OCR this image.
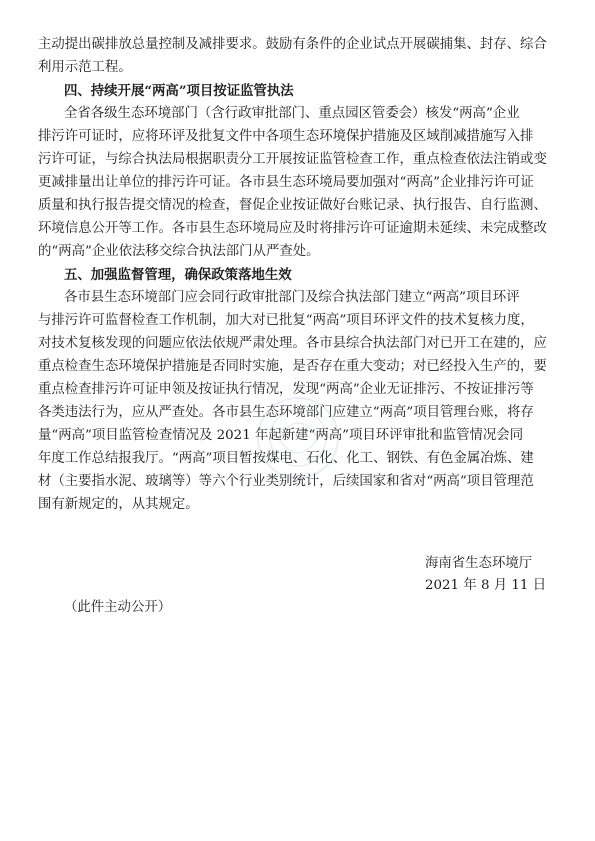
主动提出碳排放总量控制及减排要求。鼓励有条件的企业试点开展碳捕集、封存、综合
利用示范工程。
四、持续开展“两高”项目按证监管执法
全省各级生态环境部门（含行政审批部门、重点园区管委会）核发“两高”企业
排污许可证时，应将环评及批复文件中各项生态环境保护措施及区域削减措施写入排
污许可证，与综合执法局根据职责分工开展按证监管检查工作，重点检查依法注销或变
更减排量出让单位的排污许可证。各市县生态环境局要加强对“两高”企业排污许可证
质量和执行报告提交情况的检查，督促企业按证做好台账记录、执行报告、自行监测、
环境信息公开等工作。各市县生态环境局应及时将排污许可证逾期未延续、未完成整改
的“两高”企业依法移交综合执法部门从严查处。
五、加强监督管理，确保政策落地生效
各市县生态环境部门应会同行政审批部门及综合执法部门建立“两高”项目环评
与排污许可监督检查工作机制，加大对已批复“两高”项目环评文件的技术复核力度，
对技术复核发现的问题应依法依规严肃处理。各市县综合执法部门对已开工在建的，应
重点检查生态环境保护措施是否同时实施，是否存在重大变动；对已经投入生产的，要
重点检查排污许可证申领及按证执行情况，发现“两高”企业无证排污、不按证排污等
各类违法行为，应从严查处。各市县生态环境部门应建立“两高”项目管理台账，将存
量“两高”项目监管检查情况及 2021 年起新建“两高”项目环评审批和监管情况会同
年度工作总结报我厅。“两高”项目暂按煤电、石化、化工、钢铁、有色金属冶炼、建
材（主要指水泥、玻璃等）等六个行业类别统计，后续国家和省对“两高”项目管理范
围有新规定的，从其规定。
海南省生态环境厅
2021 年 8 月 11 日
（此件主动公开）
